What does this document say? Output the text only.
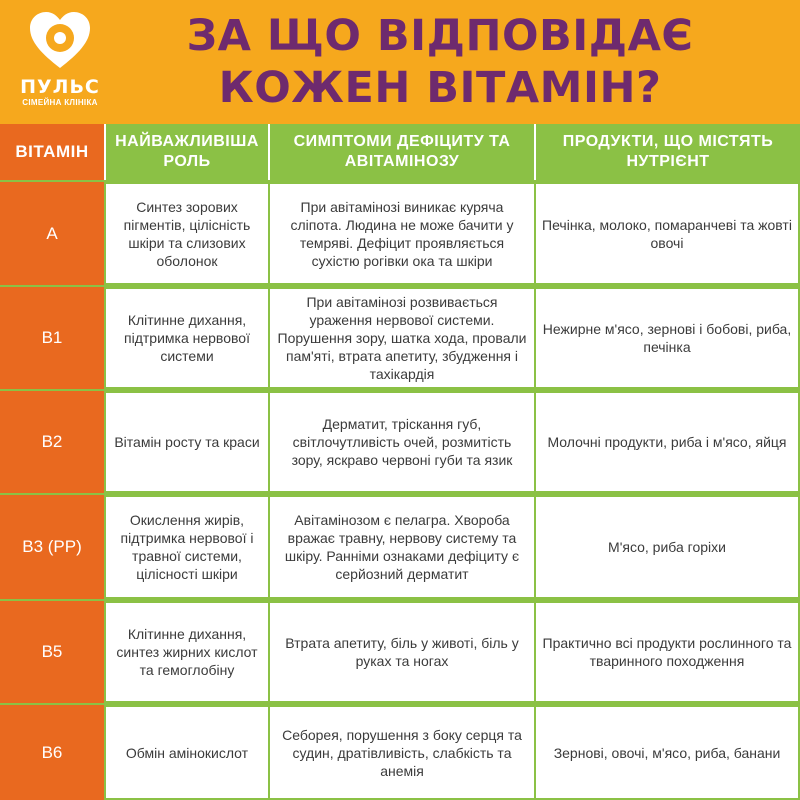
ПУЛЬС
СІМЕЙНА КЛІНІКА
ЗА ЩО ВІДПОВІДАЄ
КОЖЕН ВІТАМІН?
ВІТАМІН
НАЙВАЖЛИВІША РОЛЬ
СИМПТОМИ ДЕФІЦИТУ ТА АВІТАМІНОЗУ
ПРОДУКТИ, ЩО МІСТЯТЬ НУТРІЄНТ
А
Синтез зорових пігментів, цілісність шкіри та слизових оболонок
При авітамінозі виникає куряча сліпота. Людина не може бачити у темряві. Дефіцит проявляється сухістю рогівки ока та шкіри
Печінка, молоко, помаранчеві та жовті овочі
В1
Клітинне дихання, підтримка нервової системи
При авітамінозі розвивається ураження нервової системи. Порушення зору, шатка хода, провали пам'яті, втрата апетиту, збудження і тахікардія
Нежирне м'ясо, зернові і бобові, риба, печінка
В2	Вітамін росту та краси
Дерматит, тріскання губ, світлочутливість очей, розмитість зору, яскраво червоні губи та язик
Молочні продукти, риба і м'ясо, яйця
В3 (РР)
Окислення жирів, підтримка нервової і травної системи, цілісності шкіри
Авітамінозом є пелагра. Хвороба вражає травну, нервову систему та шкіру. Ранніми ознаками дефіциту є серйозний дерматит
М'ясо, риба горіхи
В5
Клітинне дихання, синтез жирних кислот та гемоглобіну
Втрата апетиту, біль у животі, біль у руках та ногах
Практично всі продукти рослинного та тваринного походження
В6	Обмін амінокислот
Себорея, порушення з боку серця та судин, дратівливість, слабкість та анемія
Зернові, овочі, м'ясо, риба, банани
